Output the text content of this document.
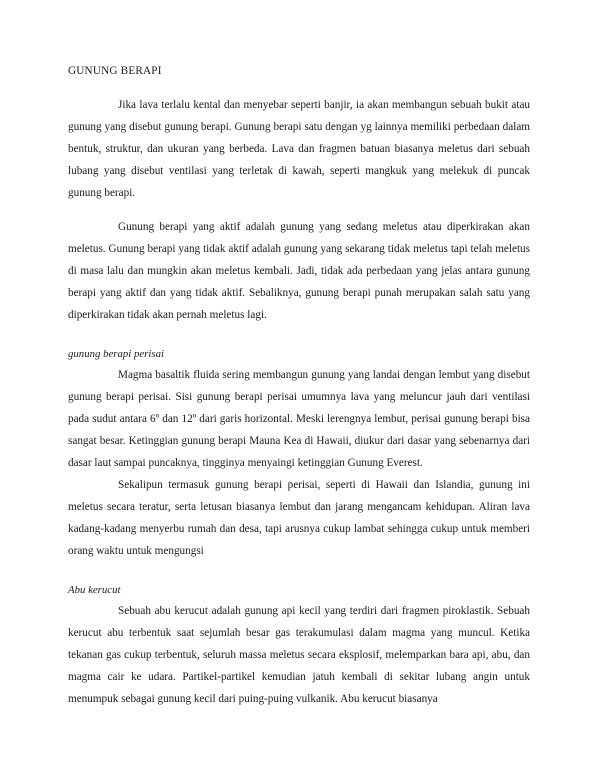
GUNUNG BERAPI

Jika lava terlalu kental dan menyebar seperti banjir, ia akan membangun sebuah bukit atau gunung yang disebut gunung berapi. Gunung berapi satu dengan yg lainnya memiliki perbedaan dalam bentuk, struktur, dan ukuran yang berbeda. Lava dan fragmen batuan biasanya meletus dari sebuah lubang yang disebut ventilasi yang terletak di kawah, seperti mangkuk yang melekuk di puncak gunung berapi.

Gunung berapi yang aktif adalah gunung yang sedang meletus atau diperkirakan akan meletus. Gunung berapi yang tidak aktif adalah gunung yang sekarang tidak meletus tapi telah meletus di masa lalu dan mungkin akan meletus kembali. Jadi, tidak ada perbedaan yang jelas antara gunung berapi yang aktif dan yang tidak aktif. Sebaliknya, gunung berapi punah merupakan salah satu yang diperkirakan tidak akan pernah meletus lagi.

gunung berapi perisai

Magma basaltik fluida sering membangun gunung yang landai dengan lembut yang disebut gunung berapi perisai. Sisi gunung berapi perisai umumnya lava yang meluncur jauh dari ventilasi pada sudut antara 6º dan 12º dari garis horizontal. Meski lerengnya lembut, perisai gunung berapi bisa sangat besar. Ketinggian gunung berapi Mauna Kea di Hawaii, diukur dari dasar yang sebenarnya dari dasar laut sampai puncaknya, tingginya menyaingi ketinggian Gunung Everest.

Sekalipun termasuk gunung berapi perisai, seperti di Hawaii dan Islandia, gunung ini meletus secara teratur, serta letusan biasanya lembut dan jarang mengancam kehidupan. Aliran lava kadang-kadang menyerbu rumah dan desa, tapi arusnya cukup lambat sehingga cukup untuk memberi orang waktu untuk mengungsi

Abu kerucut

Sebuah abu kerucut adalah gunung api kecil yang terdiri dari fragmen piroklastik. Sebuah kerucut abu terbentuk saat sejumlah besar gas terakumulasi dalam magma yang muncul. Ketika tekanan gas cukup terbentuk, seluruh massa meletus secara eksplosif, melemparkan bara api, abu, dan magma cair ke udara. Partikel-partikel kemudian jatuh kembali di sekitar lubang angin untuk menumpuk sebagai gunung kecil dari puing-puing vulkanik. Abu kerucut biasanya
